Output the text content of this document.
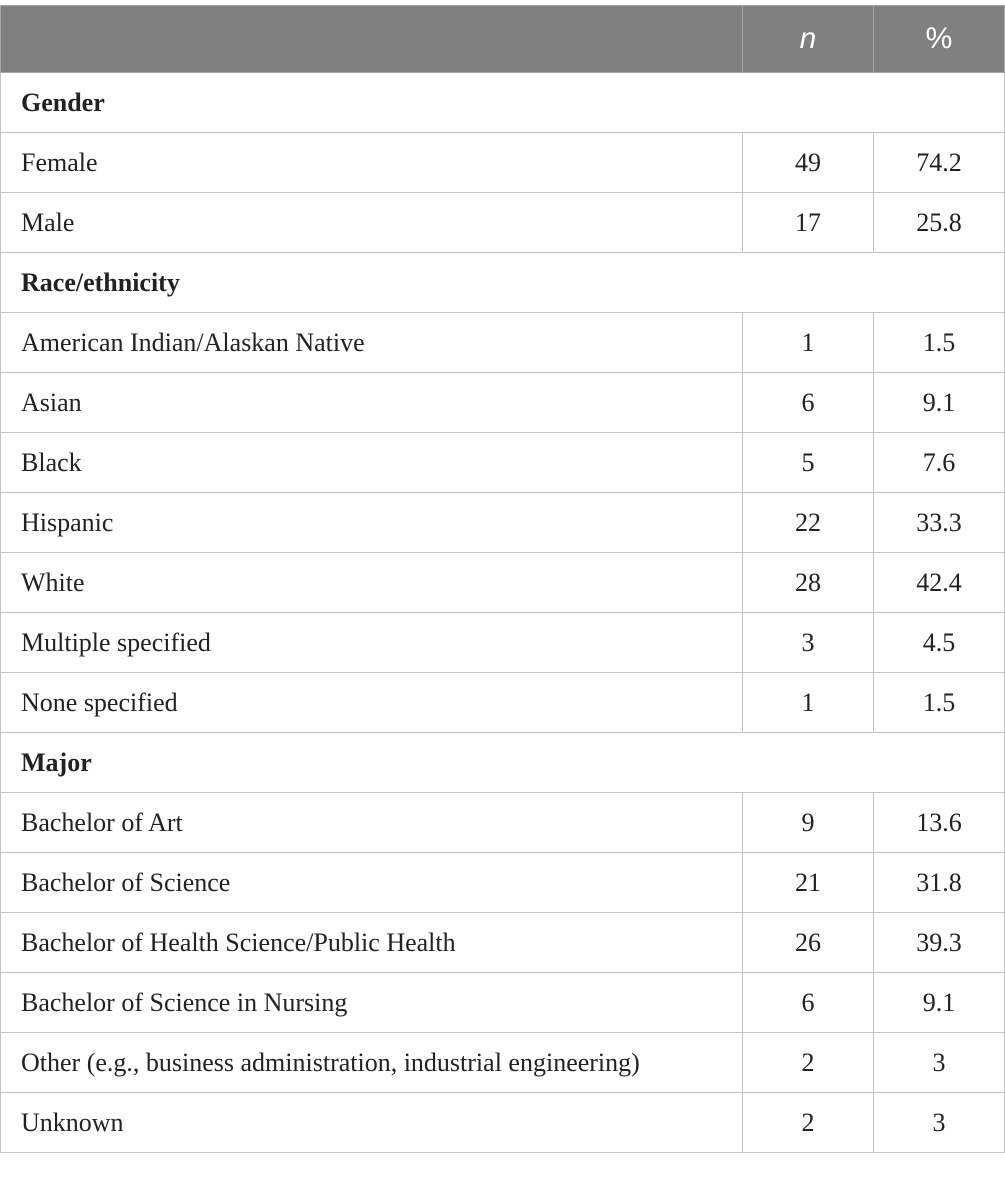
	n	%
Gender		
Female	49	74.2
Male	17	25.8
Race/ethnicity		
American Indian/Alaskan Native	1	1.5
Asian	6	9.1
Black	5	7.6
Hispanic	22	33.3
White	28	42.4
Multiple specified	3	4.5
None specified	1	1.5
Major		
Bachelor of Art	9	13.6
Bachelor of Science	21	31.8
Bachelor of Health Science/Public Health	26	39.3
Bachelor of Science in Nursing	6	9.1
Other (e.g., business administration, industrial engineering)	2	3
Unknown	2	3
